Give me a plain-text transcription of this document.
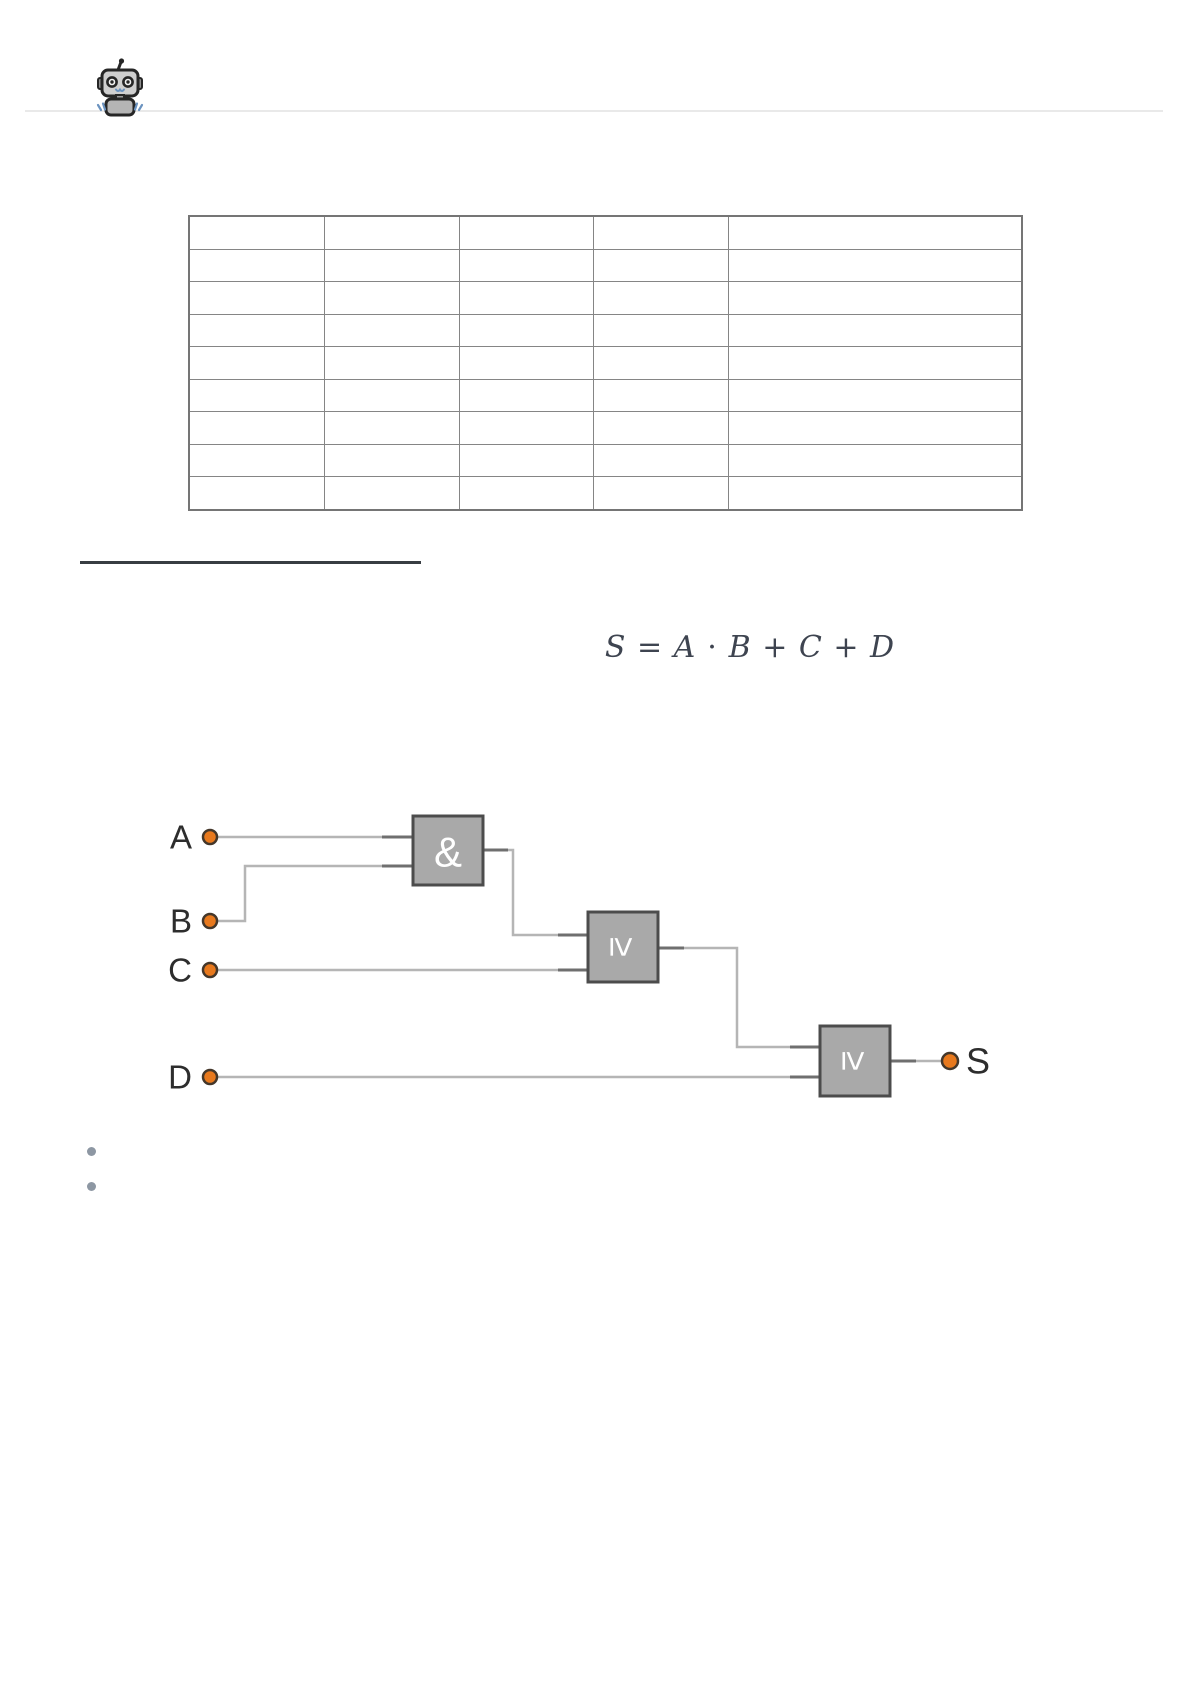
S = A ⋅ B + C + D
&
≥
≥
A
B
C
D	S
